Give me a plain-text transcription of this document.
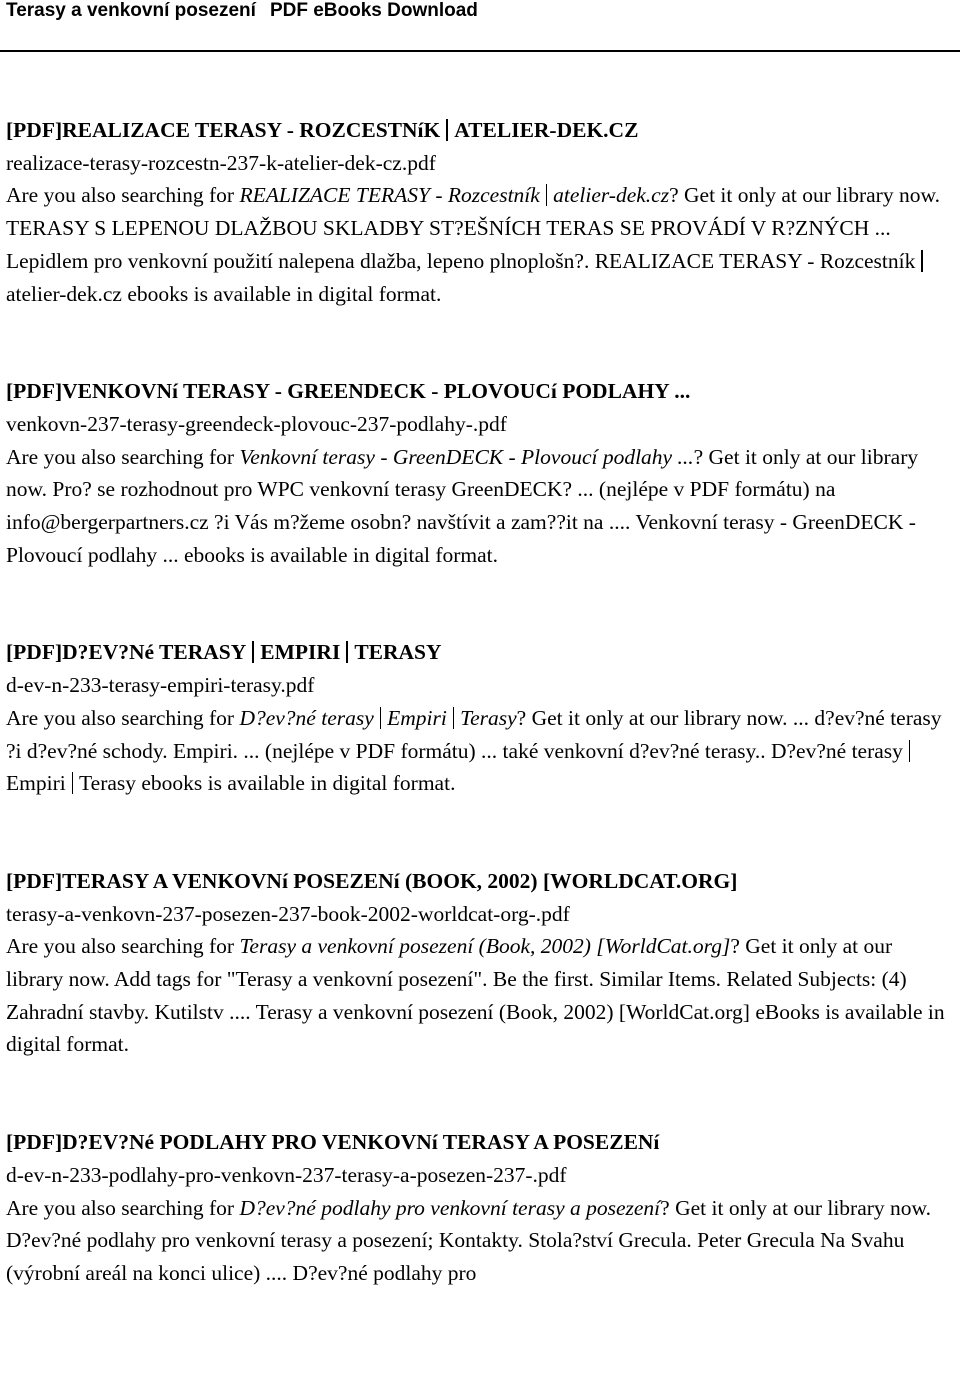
Terasy a venkovní posezení PDF eBooks Download
[PDF]REALIZACE TERASY - ROZCESTNíK ATELIER-DEK.CZ
realizace-terasy-rozcestn-237-k-atelier-dek-cz.pdf
Are you also searching for REALIZACE TERASY - Rozcestník atelier-dek.cz? Get it only at our library now. TERASY S LEPENOU DLAŽBOU SKLADBY ST?EŠNÍCH TERAS SE PROVÁDÍ V R?ZNÝCH ... Lepidlem pro venkovní použití nalepena dlažba, lepeno plnoplošn?. REALIZACE TERASY - Rozcestníkatelier-dek.cz ebooks is available in digital format.
[PDF]VENKOVNí TERASY - GREENDECK - PLOVOUCí PODLAHY ...
venkovn-237-terasy-greendeck-plovouc-237-podlahy-.pdf
Are you also searching for Venkovní terasy - GreenDECK - Plovoucí podlahy ...? Get it only at our library now. Pro? se rozhodnout pro WPC venkovní terasy GreenDECK? ... (nejlépe v PDF formátu) na info@bergerpartners.cz ?i Vás m?žeme osobn? navštívit a zam??it na .... Venkovní terasy - GreenDECK - Plovoucí podlahy ... ebooks is available in digital format.
[PDF]D?EV?Né TERASY EMPIRI TERASY
d-ev-n-233-terasy-empiri-terasy.pdf
Are you also searching for D?ev?né terasy Empiri Terasy? Get it only at our library now. ... d?ev?né terasy ?i d?ev?né schody. Empiri. ... (nejlépe v PDF formátu) ... také venkovní d?ev?né terasy.. D?ev?né terasyEmpiri Terasy ebooks is available in digital format.
[PDF]TERASY A VENKOVNí POSEZENí (BOOK, 2002) [WORLDCAT.ORG]
terasy-a-venkovn-237-posezen-237-book-2002-worldcat-org-.pdf
Are you also searching for Terasy a venkovní posezení (Book, 2002) [WorldCat.org]? Get it only at our library now. Add tags for "Terasy a venkovní posezení". Be the first. Similar Items. Related Subjects: (4) Zahradní stavby. Kutilstv .... Terasy a venkovní posezení (Book, 2002) [WorldCat.org] eBooks is available in digital format.
[PDF]D?EV?Né PODLAHY PRO VENKOVNí TERASY A POSEZENí
d-ev-n-233-podlahy-pro-venkovn-237-terasy-a-posezen-237-.pdf
Are you also searching for D?ev?né podlahy pro venkovní terasy a posezení? Get it only at our library now. D?ev?né podlahy pro venkovní terasy a posezení; Kontakty. Stola?ství Grecula. Peter Grecula Na Svahu (výrobní areál na konci ulice) .... D?ev?né podlahy pro
